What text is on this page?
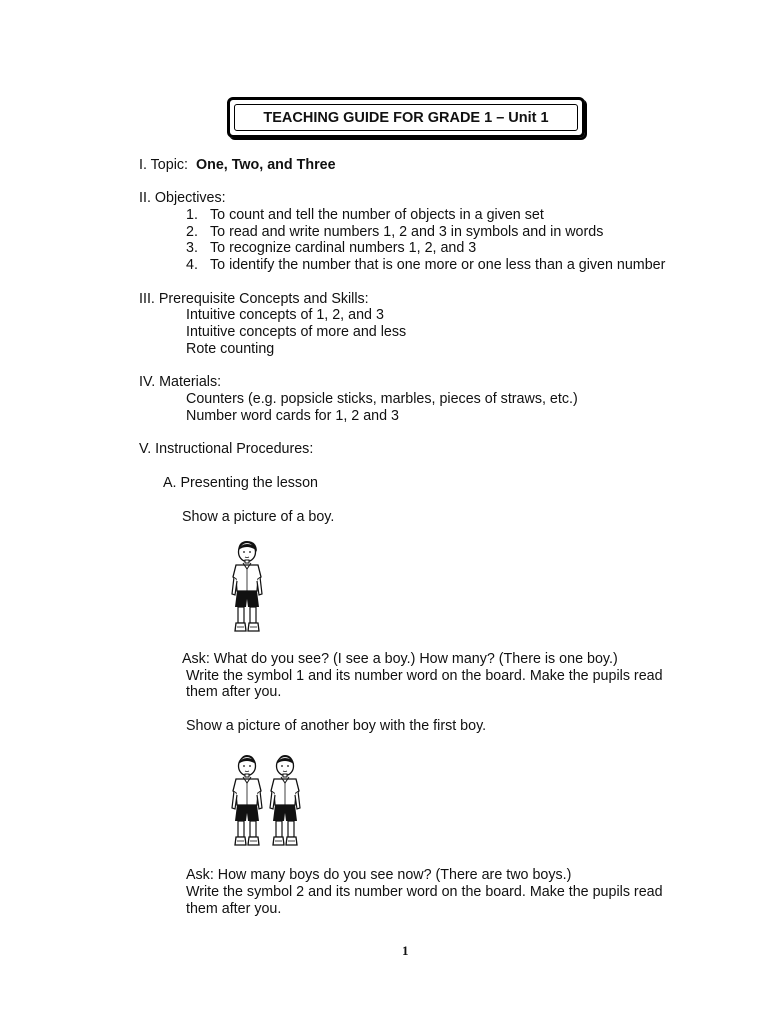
TEACHING GUIDE FOR GRADE 1 – Unit 1
I. Topic: One, Two, and Three
II. Objectives:
1. To count and tell the number of objects in a given set
2. To read and write numbers 1, 2 and 3 in symbols and in words
3. To recognize cardinal numbers 1, 2, and 3
4. To identify the number that is one more or one less than a given number
III. Prerequisite Concepts and Skills:
Intuitive concepts of 1, 2, and 3
Intuitive concepts of more and less
Rote counting
IV. Materials:
Counters (e.g. popsicle sticks, marbles, pieces of straws, etc.)
Number word cards for 1, 2 and 3
V. Instructional Procedures:
A. Presenting the lesson
Show a picture of a boy.
Ask: What do you see? (I see a boy.) How many? (There is one boy.)
Write the symbol 1 and its number word on the board. Make the pupils read
them after you.
Show a picture of another boy with the first boy.
Ask: How many boys do you see now? (There are two boys.)
Write the symbol 2 and its number word on the board. Make the pupils read
them after you.
1
